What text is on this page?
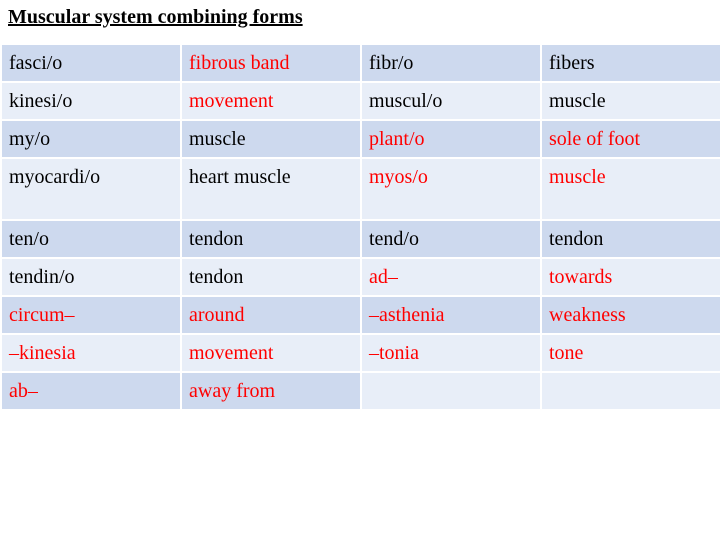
Muscular system combining forms
fasci/o	fibrous band	fibr/o	fibers
kinesi/o	movement	muscul/o	muscle
my/o	muscle	plant/o	sole of foot
myocardi/o	heart muscle	myos/o	muscle
ten/o	tendon	tend/o	tendon
tendin/o	tendon	ad–	towards
circum–	around	–asthenia	weakness
–kinesia	movement	–tonia	tone
ab–	away from		
